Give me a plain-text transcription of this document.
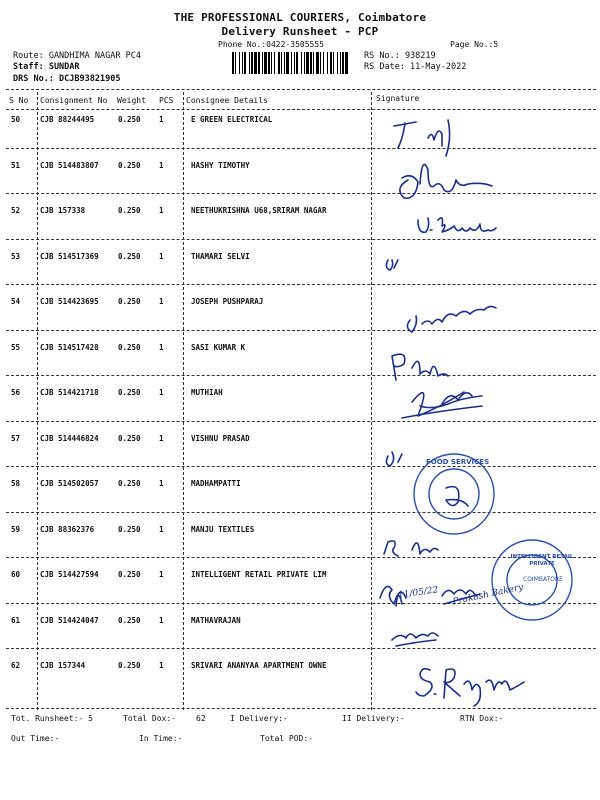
THE PROFESSIONAL COURIERS, Coimbatore
Delivery Runsheet - PCP
Phone No.:0422-3505555	Page No.:5
Route: GANDHIMA NAGAR PC4
Staff: SUNDAR
DRS No.: DCJB93821905
RS No.: 938219
RS Date: 11-May-2022
S No Consignment No Weight PCS Consignee Details	Signature
50	CJB 88244495	0.250 1	E GREEN ELECTRICAL
51	CJB 514483807	0.250 1	HASHY TIMOTHY
52	CJB 157338	0.250 1	NEETHUKRISHNA U68,SRIRAM NAGAR
53	CJB 514517369	0.250 1	THAMARI SELVI
54	CJB 514423695	0.250 1	JOSEPH PUSHPARAJ
55	CJB 514517428	0.250 1	SASI KUMAR K
56	CJB 514421718	0.250 1	MUTHIAH
57	CJB 514446824	0.250 1	VISHNU PRASAD
58	CJB 514502057	0.250 1	MADHAMPATTI
59	CJB 88362376	0.250 1	MANJU TEXTILES
60	CJB 514427594	0.250 1	INTELLIGENT RETAIL PRIVATE LIM
61	CJB 514424047	0.250 1	MATHAVRAJAN
62	CJB 157344	0.250 1	SRIVARI ANANYAA APARTMENT OWNE
FOOD SERVICES
INTELLIGENT RETAIL PRIVATE
COIMBATORE
11/05/22 Prakash Bakery
Tot. Runsheet:- 5	Total Dox:-	62	I Delivery:-	II Delivery:-	RTN Dox:-
Out Time:-	In Time:-	Total POD:-
